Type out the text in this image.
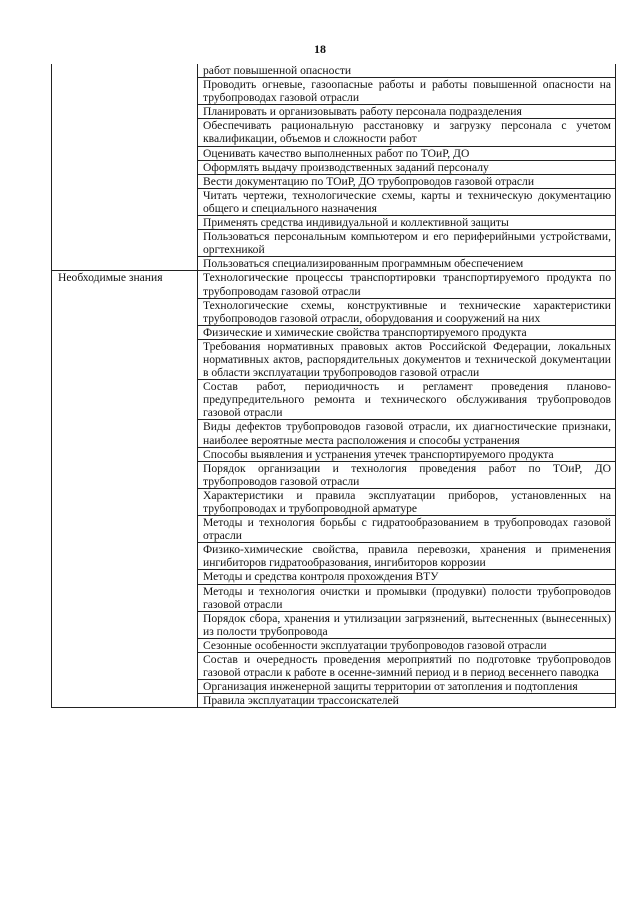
18
	работ повышенной опасности
	Проводить огневые, газоопасные работы и работы повышенной опасности на трубопроводах газовой отрасли
	Планировать и организовывать работу персонала подразделения
	Обеспечивать рациональную расстановку и загрузку персонала с учетом квалификации, объемов и сложности работ
	Оценивать качество выполненных работ по ТОиР, ДО
	Оформлять выдачу производственных заданий персоналу
	Вести документацию по ТОиР, ДО трубопроводов газовой отрасли
	Читать чертежи, технологические схемы, карты и техническую документацию общего и специального назначения
	Применять средства индивидуальной и коллективной защиты
	Пользоваться персональным компьютером и его периферийными устройствами, оргтехникой
	Пользоваться специализированным программным обеспечением
Необходимые знания	Технологические процессы транспортировки транспортируемого продукта по трубопроводам газовой отрасли
	Технологические схемы, конструктивные и технические характеристики трубопроводов газовой отрасли, оборудования и сооружений на них
	Физические и химические свойства транспортируемого продукта
	Требования нормативных правовых актов Российской Федерации, локальных нормативных актов, распорядительных документов и технической документации в области эксплуатации трубопроводов газовой отрасли
	Состав работ, периодичность и регламент проведения планово-предупредительного ремонта и технического обслуживания трубопроводов газовой отрасли
	Виды дефектов трубопроводов газовой отрасли, их диагностические признаки, наиболее вероятные места расположения и способы устранения
	Способы выявления и устранения утечек транспортируемого продукта
	Порядок организации и технология проведения работ по ТОиР, ДО трубопроводов газовой отрасли
	Характеристики и правила эксплуатации приборов, установленных на трубопроводах и трубопроводной арматуре
	Методы и технология борьбы с гидратообразованием в трубопроводах газовой отрасли
	Физико-химические свойства, правила перевозки, хранения и применения ингибиторов гидратообразования, ингибиторов коррозии
	Методы и средства контроля прохождения ВТУ
	Методы и технология очистки и промывки (продувки) полости трубопроводов газовой отрасли
	Порядок сбора, хранения и утилизации загрязнений, вытесненных (вынесенных) из полости трубопровода
	Сезонные особенности эксплуатации трубопроводов газовой отрасли
	Состав и очередность проведения мероприятий по подготовке трубопроводов газовой отрасли к работе в осенне-зимний период и в период весеннего паводка
	Организация инженерной защиты территории от затопления и подтопления
	Правила эксплуатации трассоискателей
